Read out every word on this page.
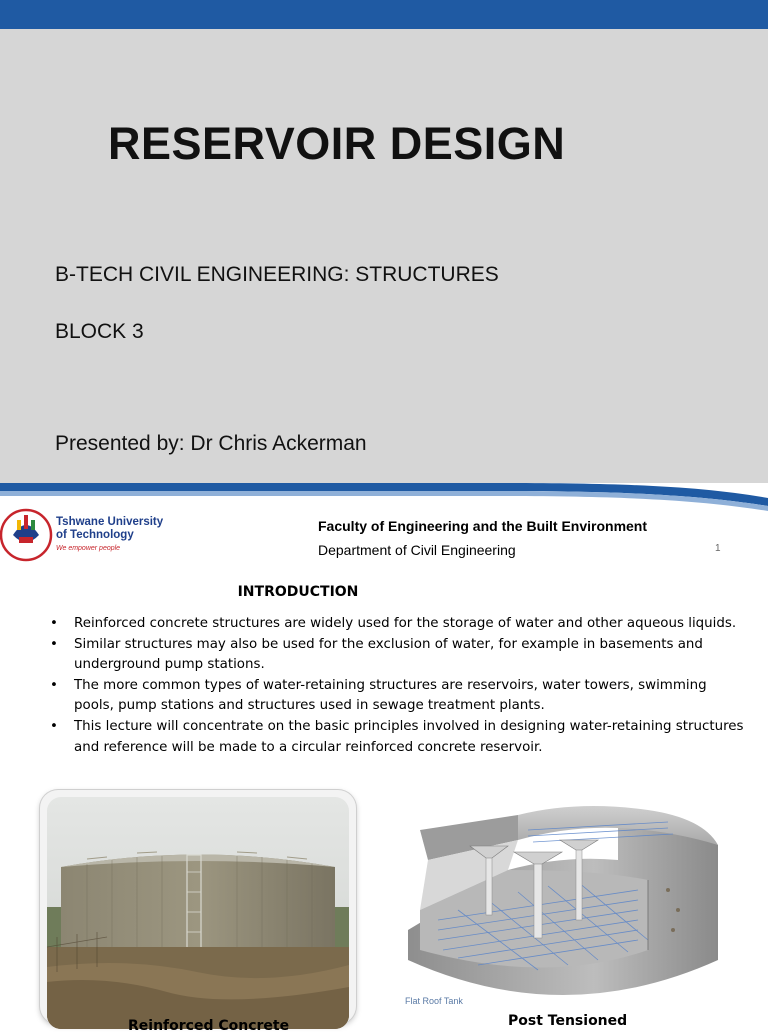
RESERVOIR DESIGN
B-TECH CIVIL ENGINEERING: STRUCTURES
BLOCK 3
Presented by: Dr Chris Ackerman
Tshwane University
of Technology
We empower people
Faculty of Engineering and the Built Environment
Department of Civil Engineering	1
INTRODUCTION
• Reinforced concrete structures are widely used for the storage of water and other aqueous liquids.
• Similar structures may also be used for the exclusion of water, for example in basements and underground pump stations.
• The more common types of water-retaining structures are reservoirs, water towers, swimming pools, pump stations and structures used in sewage treatment plants.
• This lecture will concentrate on the basic principles involved in designing water-retaining structures and reference will be made to a circular reinforced concrete reservoir.
Flat Roof Tank
Reinforced Concrete	Post Tensioned
